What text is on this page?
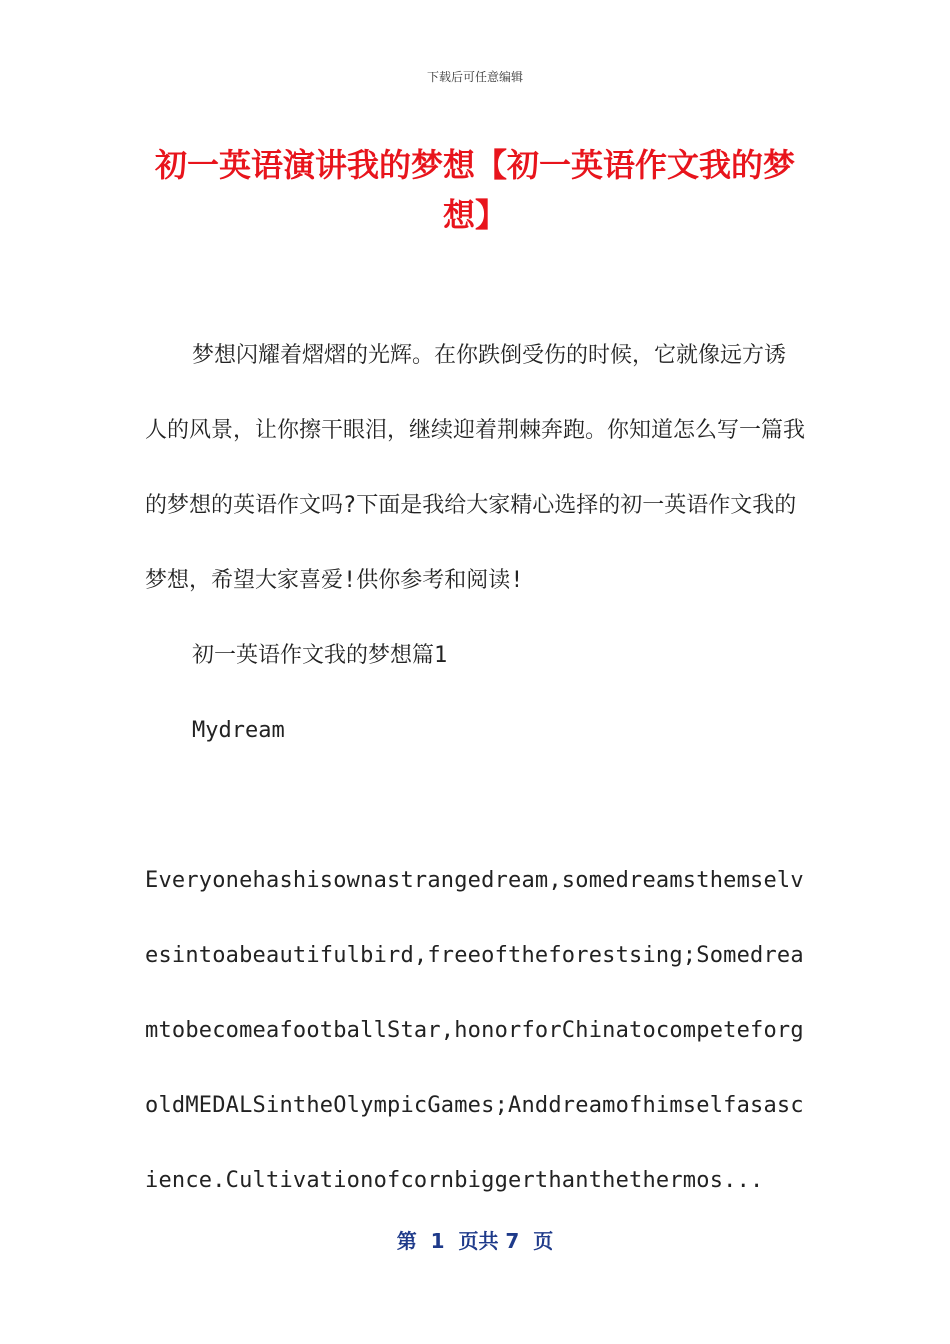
下载后可任意编辑
初一英语演讲我的梦想【初一英语作文我的梦想】

梦想闪耀着熠熠的光辉。在你跌倒受伤的时候，它就像远方诱人的风景，让你擦干眼泪，继续迎着荆棘奔跑。你知道怎么写一篇我的梦想的英语作文吗?下面是我给大家精心选择的初一英语作文我的梦想，希望大家喜爱!供你参考和阅读!

初一英语作文我的梦想篇1

Mydream

Everyonehashisownastrangedream,somedreamsthemselvesintoabeautifulbird,freeoftheforestsing;SomedreamtobecomeafootballStar,honorforChinatocompeteforgoldMEDALSintheOlympicGames;Anddreamofhimselfasascience.Cultivationofcornbiggerthanthethermos...

第  1  页共 7  页
